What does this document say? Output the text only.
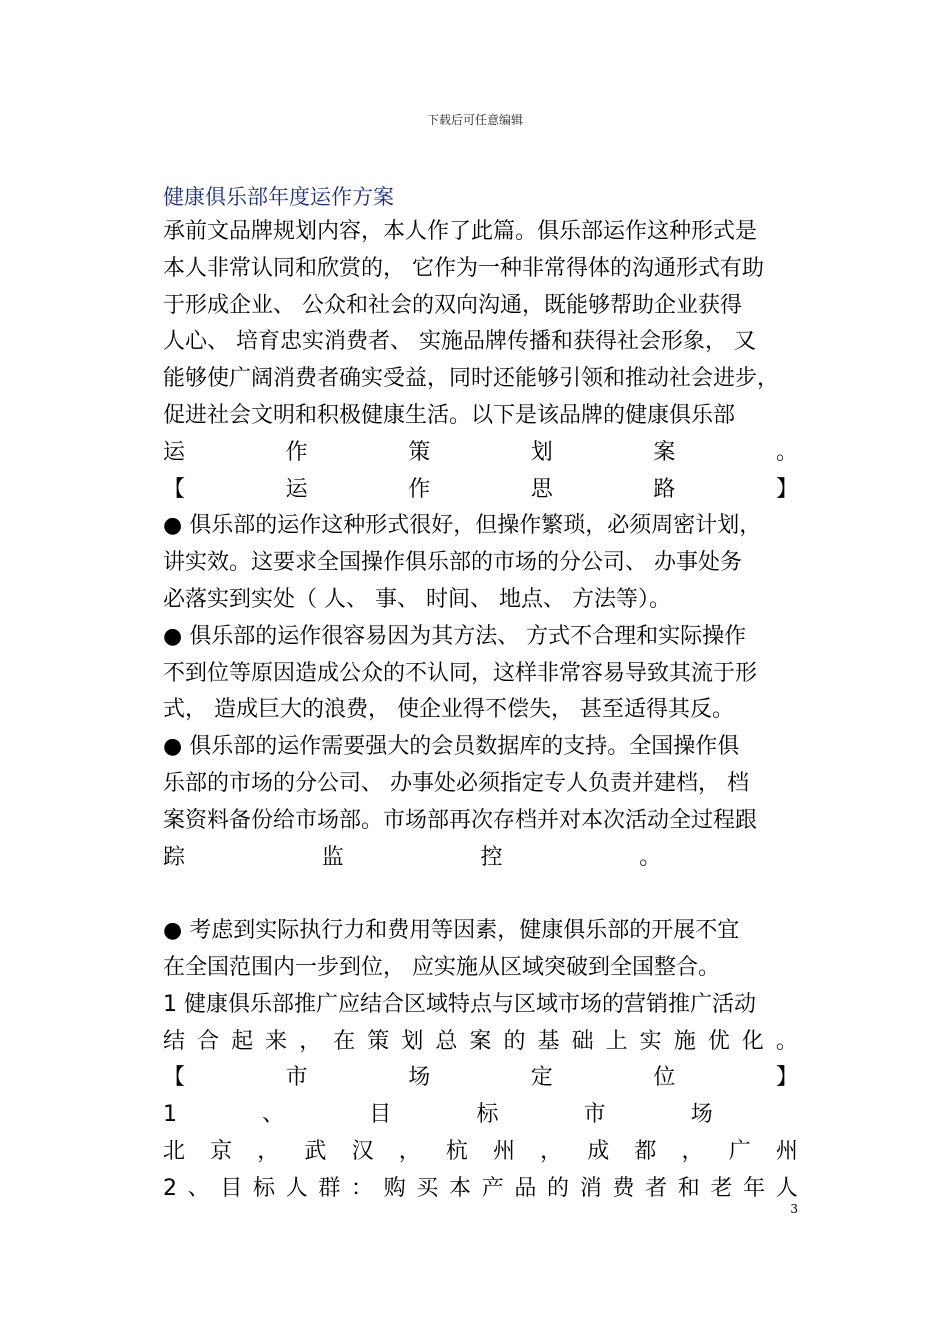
下载后可任意编辑
健康俱乐部年度运作方案
承前文品牌规划内容，本人作了此篇。俱乐部运作这种形式是
本人非常认同和欣赏的， 它作为一种非常得体的沟通形式有助
于形成企业、 公众和社会的双向沟通，既能够帮助企业获得
人心、 培育忠实消费者、 实施品牌传播和获得社会形象， 又
能够使广阔消费者确实受益，同时还能够引领和推动社会进步，
促进社会文明和积极健康生活。以下是该品牌的健康俱乐部
运	作	策	划	案	。
【	运	作	思	路	】
● 俱乐部的运作这种形式很好，但操作繁琐，必须周密计划，
讲实效。这要求全国操作俱乐部的市场的分公司、 办事处务
必落实到实处（ 人、 事、 时间、 地点、 方法等）。
● 俱乐部的运作很容易因为其方法、 方式不合理和实际操作
不到位等原因造成公众的不认同，这样非常容易导致其流于形
式， 造成巨大的浪费， 使企业得不偿失， 甚至适得其反。
● 俱乐部的运作需要强大的会员数据库的支持。全国操作俱
乐部的市场的分公司、 办事处必须指定专人负责并建档， 档
案资料备份给市场部。市场部再次存档并对本次活动全过程跟
踪	监	控	。
● 考虑到实际执行力和费用等因素，健康俱乐部的开展不宜
在全国范围内一步到位， 应实施从区域突破到全国整合。
1 健康俱乐部推广应结合区域特点与区域市场的营销推广活动
结 合 起 来 ， 在 策 划 总 案 的 基 础 上 实 施 优 化 。
【	市	场	定	位	】
1	、	目	标	市	场
北 京 ， 武 汉 ， 杭 州 ， 成 都 ， 广 州
2 、 目 标 人 群 ： 购 买 本 产 品 的 消 费 者 和 老 年 人
3
